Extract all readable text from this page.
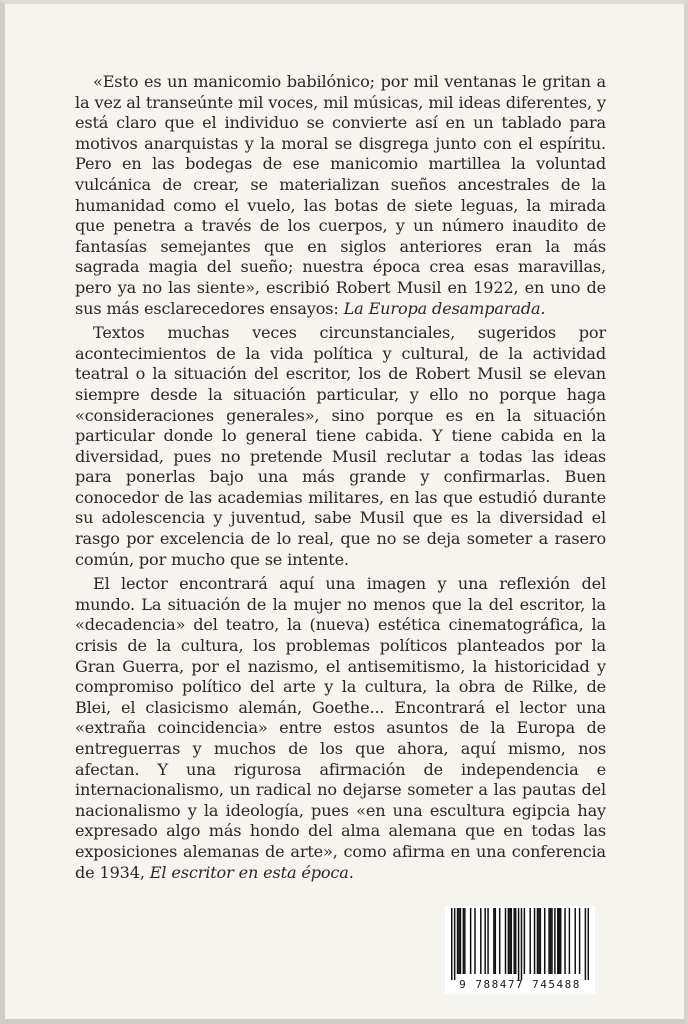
«Esto es un manicomio babilónico; por mil ventanas le gritan a la vez al transeúnte mil voces, mil músicas, mil ideas diferentes, y está claro que el individuo se convierte así en un tablado para motivos anarquistas y la moral se disgrega junto con el espíritu. Pero en las bodegas de ese manicomio martillea la voluntad vulcánica de crear, se materializan sueños ancestrales de la humanidad como el vuelo, las botas de siete leguas, la mirada que penetra a través de los cuerpos, y un número inaudito de fantasías semejantes que en siglos anteriores eran la más sagrada magia del sueño; nuestra época crea esas maravillas, pero ya no las siente», escribió Robert Musil en 1922, en uno de sus más esclarecedores ensayos: La Europa desamparada.

Textos muchas veces circunstanciales, sugeridos por acontecimientos de la vida política y cultural, de la actividad teatral o la situación del escritor, los de Robert Musil se elevan siempre desde la situación particular, y ello no porque haga «consideraciones generales», sino porque es en la situación particular donde lo general tiene cabida. Y tiene cabida en la diversidad, pues no pretende Musil reclutar a todas las ideas para ponerlas bajo una más grande y confirmarlas. Buen conocedor de las academias militares, en las que estudió durante su adolescencia y juventud, sabe Musil que es la diversidad el rasgo por excelencia de lo real, que no se deja someter a rasero común, por mucho que se intente.

El lector encontrará aquí una imagen y una reflexión del mundo. La situación de la mujer no menos que la del escritor, la «decadencia» del teatro, la (nueva) estética cinematográfica, la crisis de la cultura, los problemas políticos planteados por la Gran Guerra, por el nazismo, el antisemitismo, la historicidad y compromiso político del arte y la cultura, la obra de Rilke, de Blei, el clasicismo alemán, Goethe... Encontrará el lector una «extraña coincidencia» entre estos asuntos de la Europa de entreguerras y muchos de los que ahora, aquí mismo, nos afectan. Y una rigurosa afirmación de independencia e internacionalismo, un radical no dejarse someter a las pautas del nacionalismo y la ideología, pues «en una escultura egipcia hay expresado algo más hondo del alma alemana que en todas las exposiciones alemanas de arte», como afirma en una conferencia de 1934, El escritor en esta época.

9 788477 745488
